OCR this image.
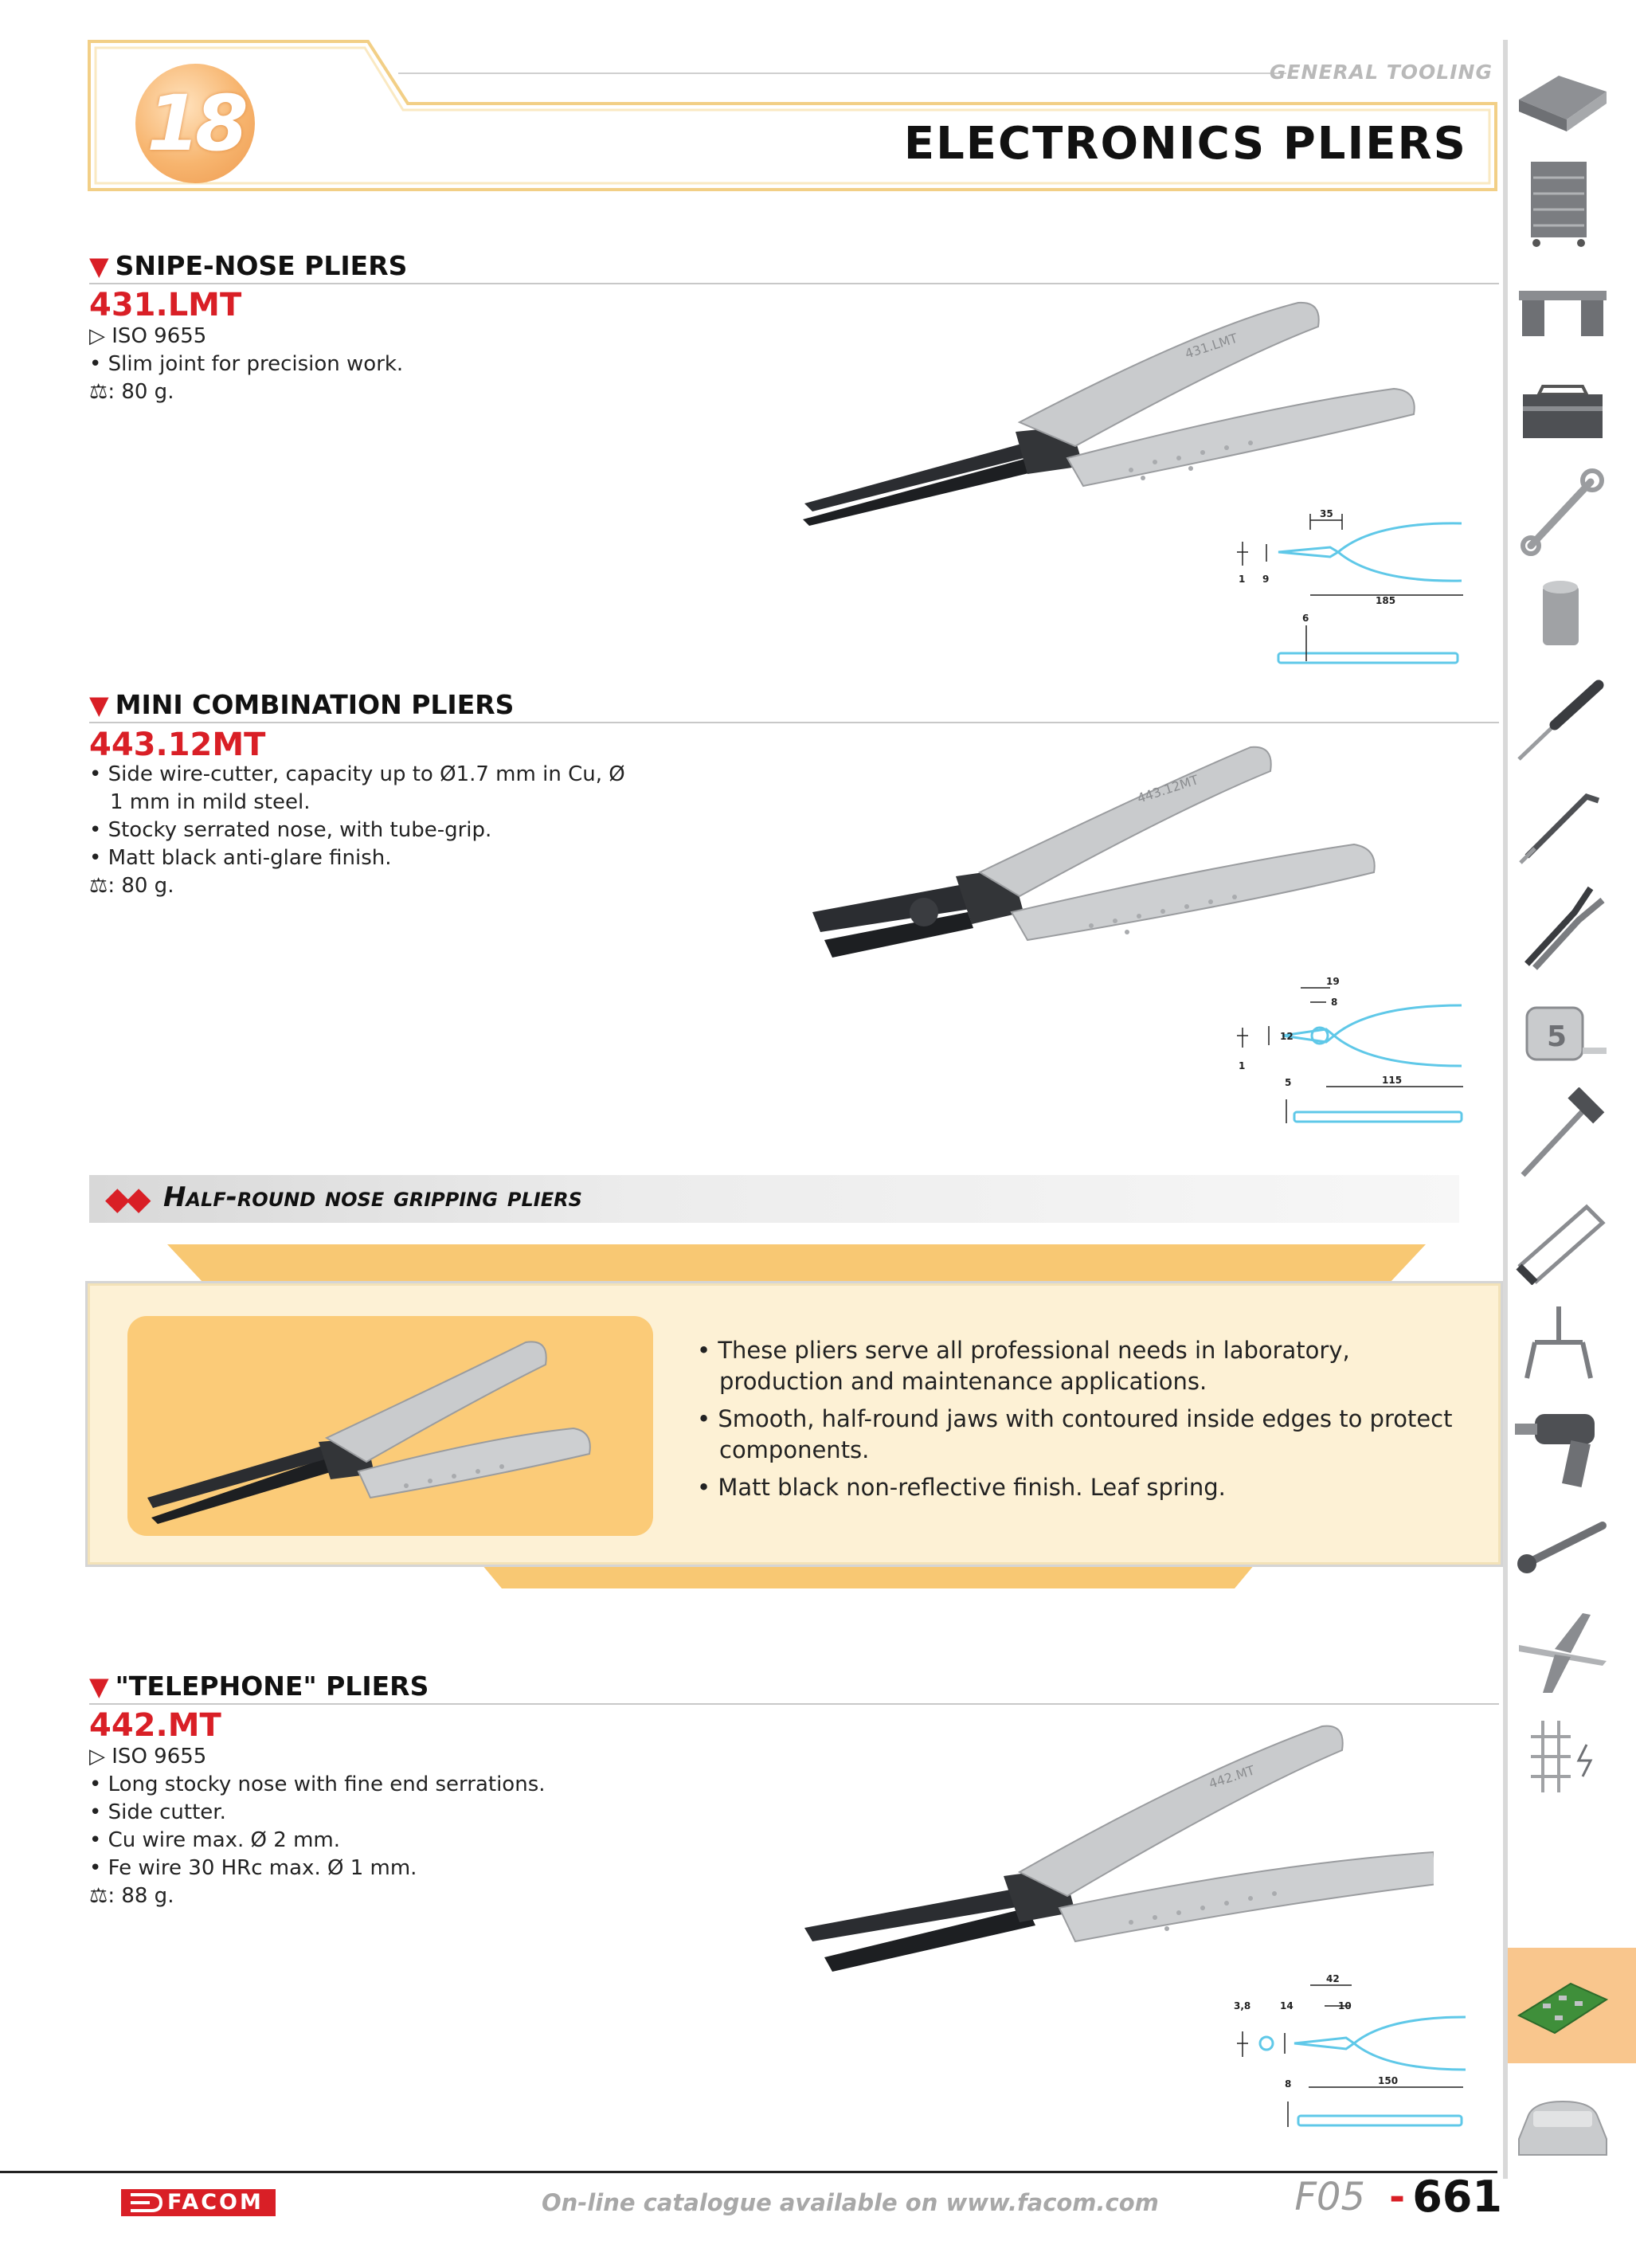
18
GENERAL TOOLING
ELECTRONICS PLIERS
▼ SNIPE-NOSE PLIERS
431.LMT
▷ ISO 9655
• Slim joint for precision work.
⚖: 80 g.
431.LMT
35
1 9
185
6
▼ MINI COMBINATION PLIERS
443.12MT
• Side wire-cutter, capacity up to Ø1.7 mm in Cu, Ø 1 mm in mild steel.
• Stocky serrated nose, with tube-grip.
• Matt black anti-glare finish.
⚖: 80 g.
443.12MT
19
8
12
1
5	115
◆◆ Half-round nose gripping pliers
• These pliers serve all professional needs in laboratory, production and maintenance applications.
• Smooth, half-round jaws with contoured inside edges to protect components.
• Matt black non-reflective finish. Leaf spring.
▼ "TELEPHONE" PLIERS
442.MT
▷ ISO 9655
• Long stocky nose with fine end serrations.
• Side cutter.
• Cu wire max. Ø 2 mm.
• Fe wire 30 HRc max. Ø 1 mm.
⚖: 88 g.
442.MT
42
3,8	14	10
8	150
5
FACOM	On-line catalogue available on www.facom.com	F05 - 661
